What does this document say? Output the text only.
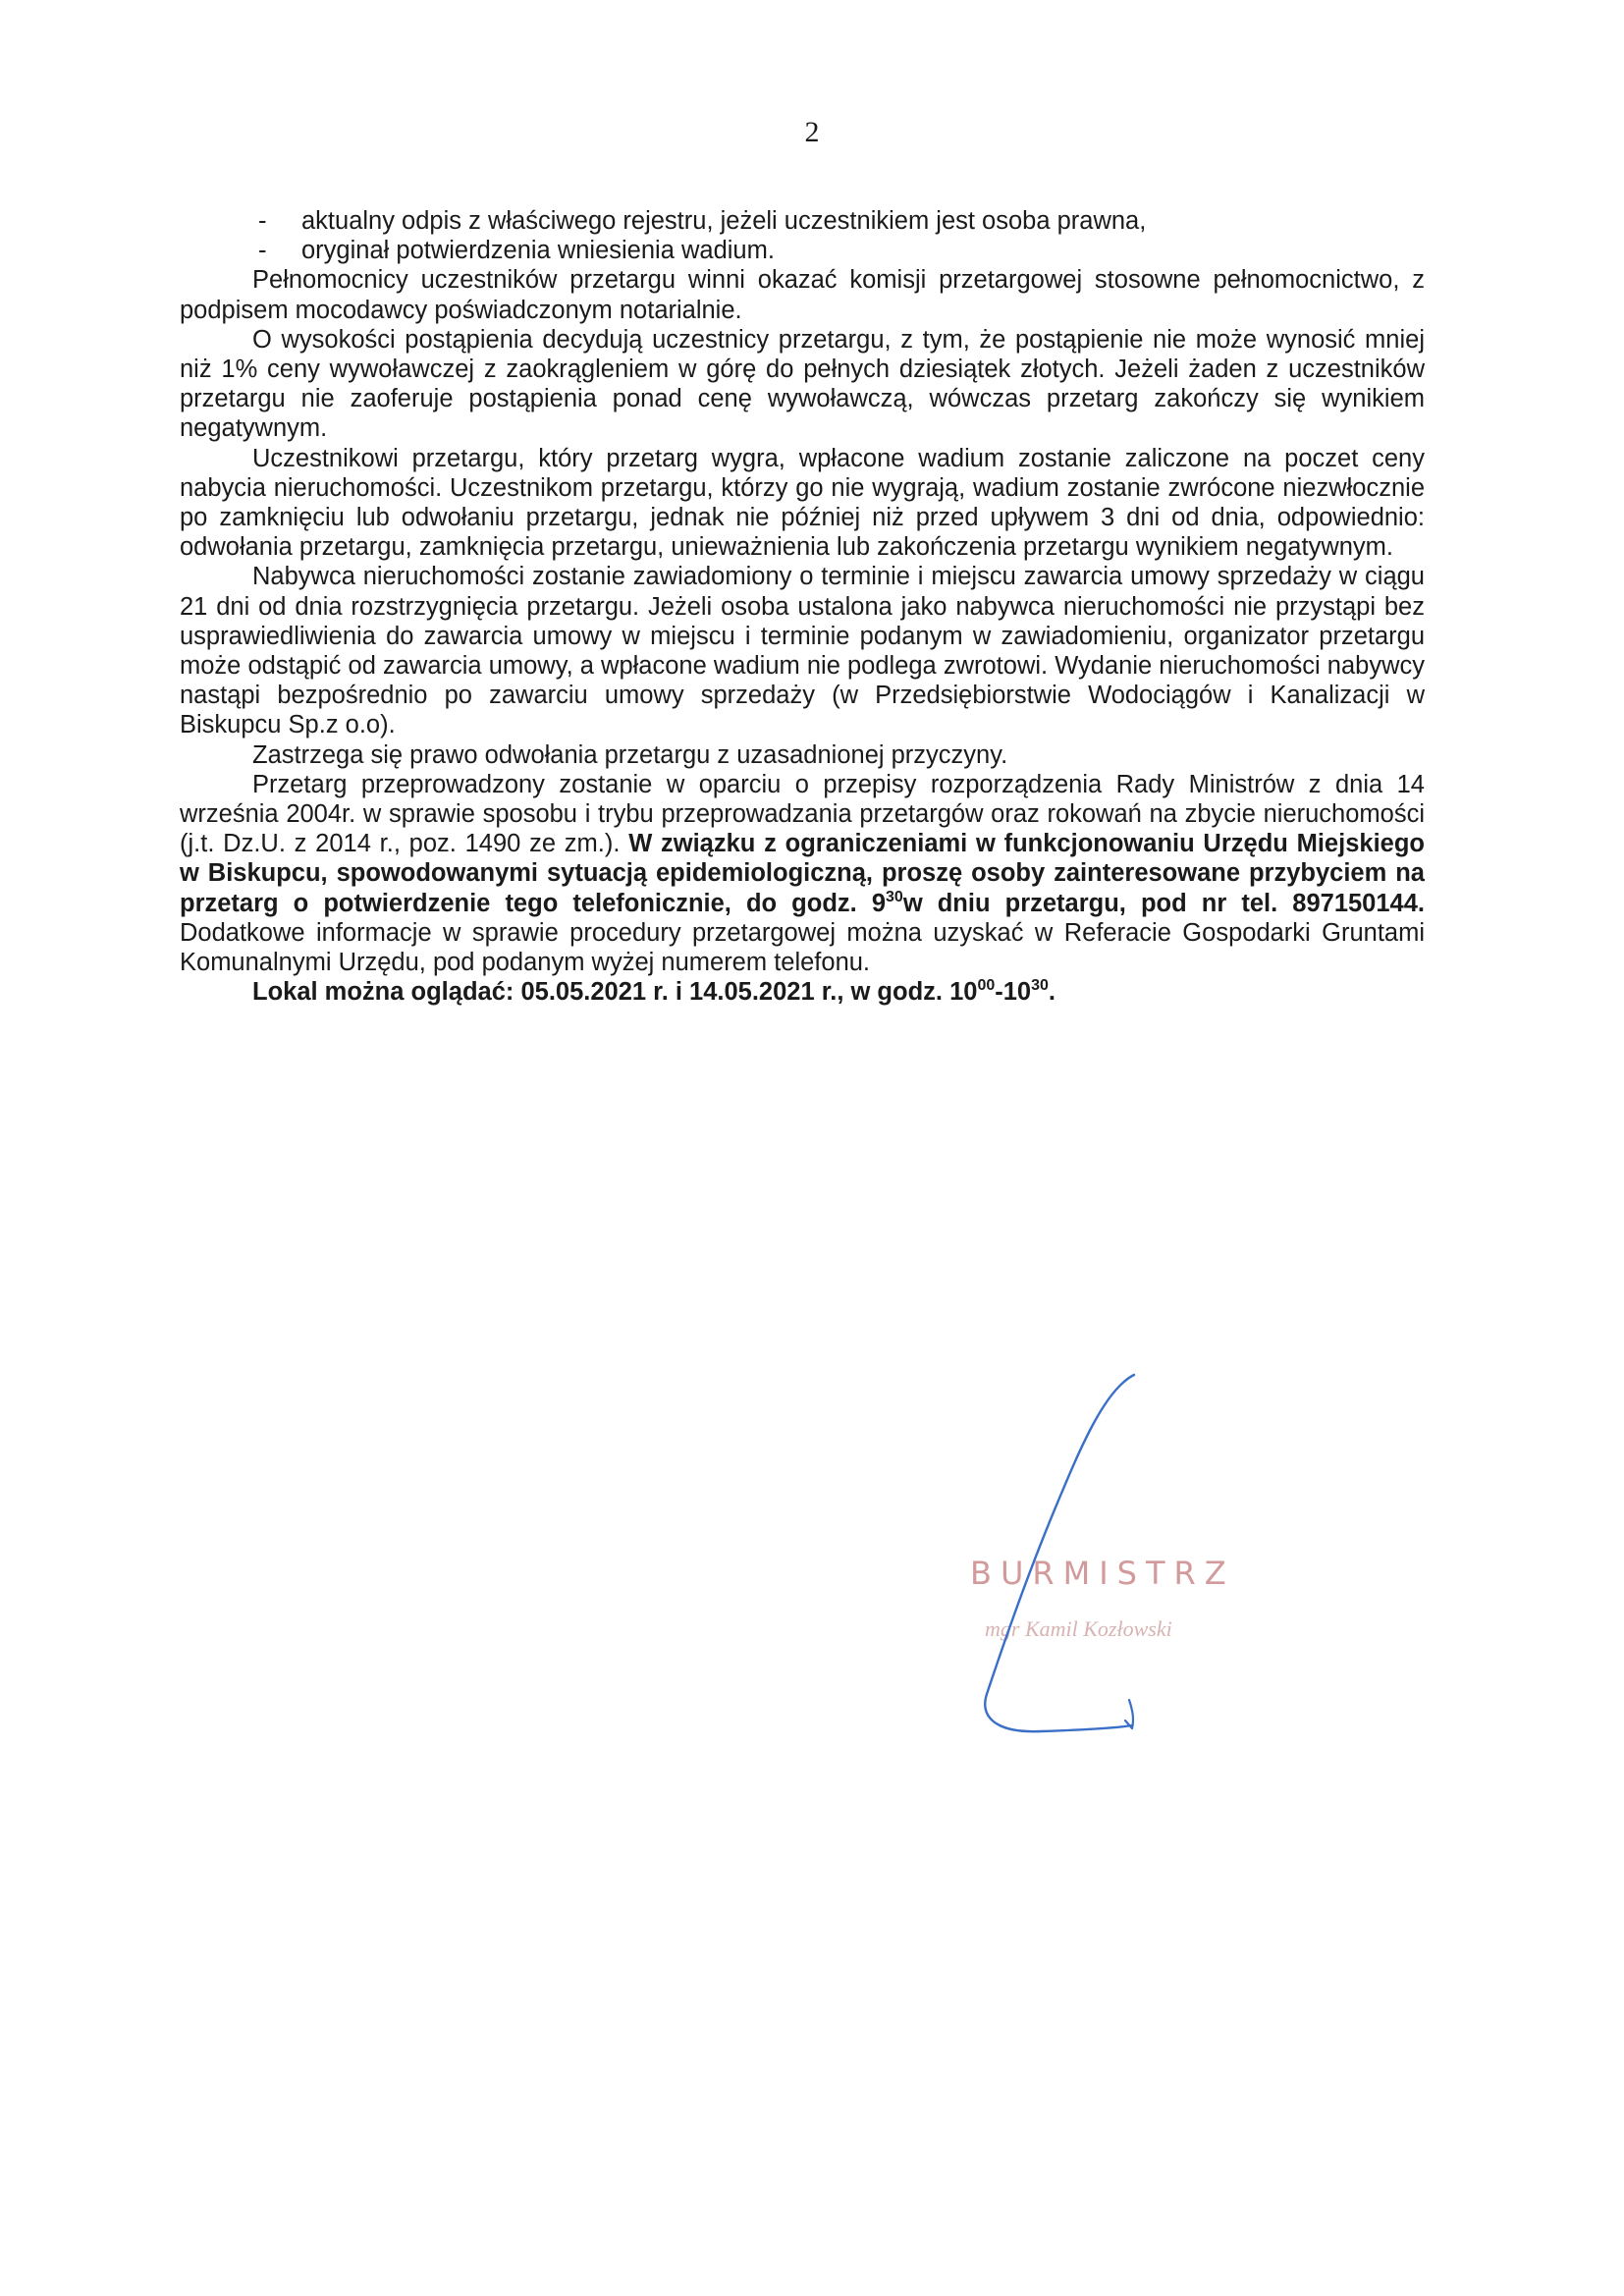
2

- aktualny odpis z właściwego rejestru, jeżeli uczestnikiem jest osoba prawna,

- oryginał potwierdzenia wniesienia wadium.

Pełnomocnicy uczestników przetargu winni okazać komisji przetargowej stosowne pełnomocnictwo, z podpisem mocodawcy poświadczonym notarialnie.

O wysokości postąpienia decydują uczestnicy przetargu, z tym, że postąpienie nie może wynosić mniej niż 1% ceny wywoławczej z zaokrągleniem w górę do pełnych dziesiątek złotych. Jeżeli żaden z uczestników przetargu nie zaoferuje postąpienia ponad cenę wywoławczą, wówczas przetarg zakończy się wynikiem negatywnym.

Uczestnikowi przetargu, który przetarg wygra, wpłacone wadium zostanie zaliczone na poczet ceny nabycia nieruchomości. Uczestnikom przetargu, którzy go nie wygrają, wadium zostanie zwrócone niezwłocznie po zamknięciu lub odwołaniu przetargu, jednak nie później niż przed upływem 3 dni od dnia, odpowiednio: odwołania przetargu, zamknięcia przetargu, unieważnienia lub zakończenia przetargu wynikiem negatywnym.

Nabywca nieruchomości zostanie zawiadomiony o terminie i miejscu zawarcia umowy sprzedaży w ciągu 21 dni od dnia rozstrzygnięcia przetargu. Jeżeli osoba ustalona jako nabywca nieruchomości nie przystąpi bez usprawiedliwienia do zawarcia umowy w miejscu i terminie podanym w zawiadomieniu, organizator przetargu może odstąpić od zawarcia umowy, a wpłacone wadium nie podlega zwrotowi. Wydanie nieruchomości nabywcy nastąpi bezpośrednio po zawarciu umowy sprzedaży (w Przedsiębiorstwie Wodociągów i Kanalizacji w Biskupcu Sp.z o.o).

Zastrzega się prawo odwołania przetargu z uzasadnionej przyczyny.

Przetarg przeprowadzony zostanie w oparciu o przepisy rozporządzenia Rady Ministrów z dnia 14 września 2004r. w sprawie sposobu i trybu przeprowadzania przetargów oraz rokowań na zbycie nieruchomości (j.t. Dz.U. z 2014 r., poz. 1490 ze zm.). W związku z ograniczeniami w funkcjonowaniu Urzędu Miejskiego w Biskupcu, spowodowanymi sytuacją epidemiologiczną, proszę osoby zainteresowane przybyciem na przetarg o potwierdzenie tego telefonicznie, do godz. $9^{30}w$ dniu przetargu, pod nr tel. 897150144. Dodatkowe informacje w sprawie procedury przetargowej można uzyskać w Referacie Gospodarki Gruntami Komunalnymi Urzędu, pod podanym wyżej numerem telefonu.

Lokal można oglądać: 05.05.2021 r. i 14.05.2021 r., w godz. $10^{00}-10^{30}$.

BURMISTRZ
mgr Kamil Kozłowski
